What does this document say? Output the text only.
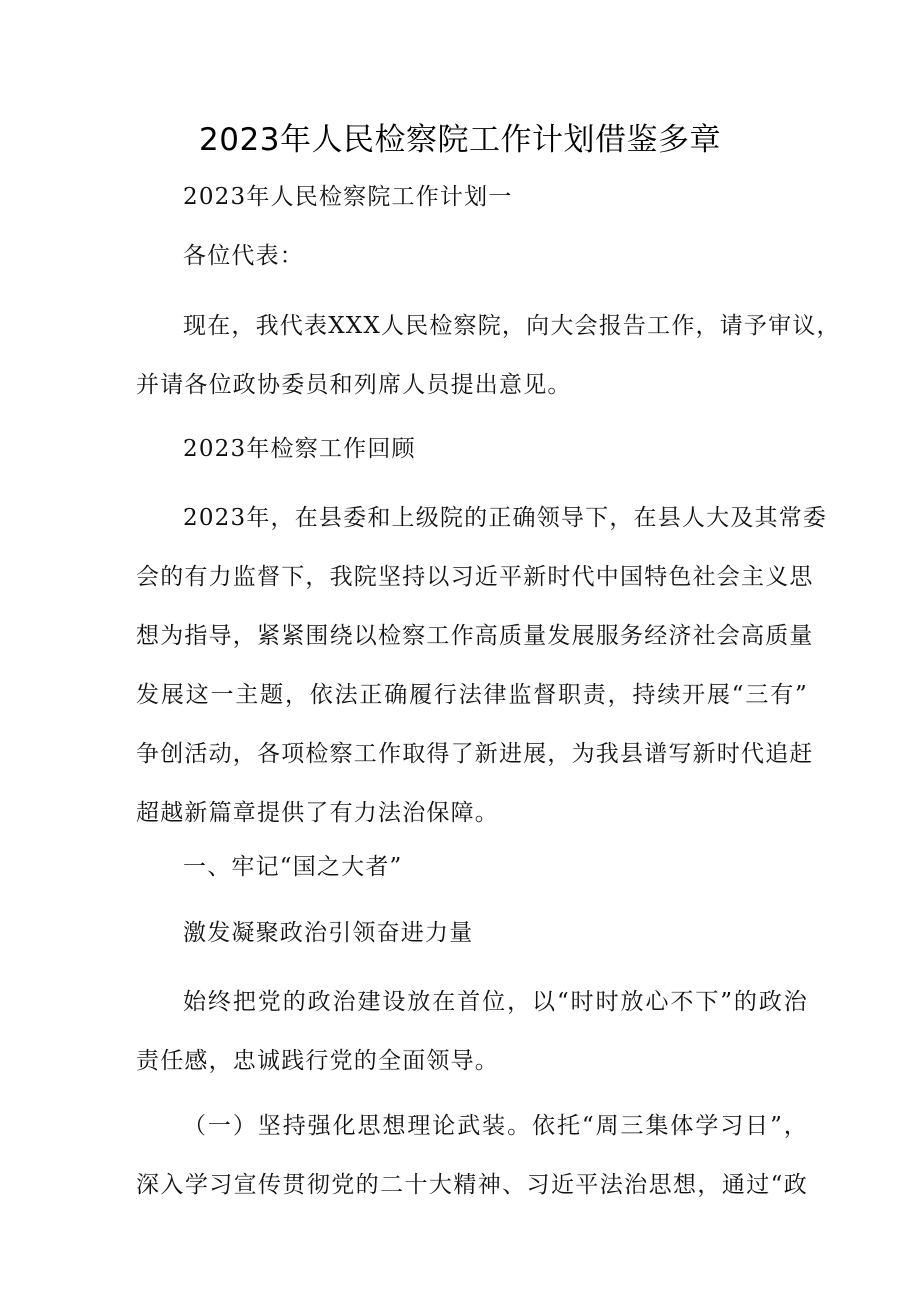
2023年人民检察院工作计划借鉴多章
2023年人民检察院工作计划一
各位代表：
现在，我代表XXX人民检察院，向大会报告工作，请予审议，
并请各位政协委员和列席人员提出意见。
2023年检察工作回顾
2023年，在县委和上级院的正确领导下，在县人大及其常委
会的有力监督下，我院坚持以习近平新时代中国特色社会主义思
想为指导，紧紧围绕以检察工作高质量发展服务经济社会高质量
发展这一主题，依法正确履行法律监督职责，持续开展“三有”
争创活动，各项检察工作取得了新进展，为我县谱写新时代追赶
超越新篇章提供了有力法治保障。
一、牢记“国之大者”
激发凝聚政治引领奋进力量
始终把党的政治建设放在首位，以“时时放心不下”的政治
责任感，忠诚践行党的全面领导。
（一）坚持强化思想理论武装。依托“周三集体学习日”，
深入学习宣传贯彻党的二十大精神、习近平法治思想，通过“政
